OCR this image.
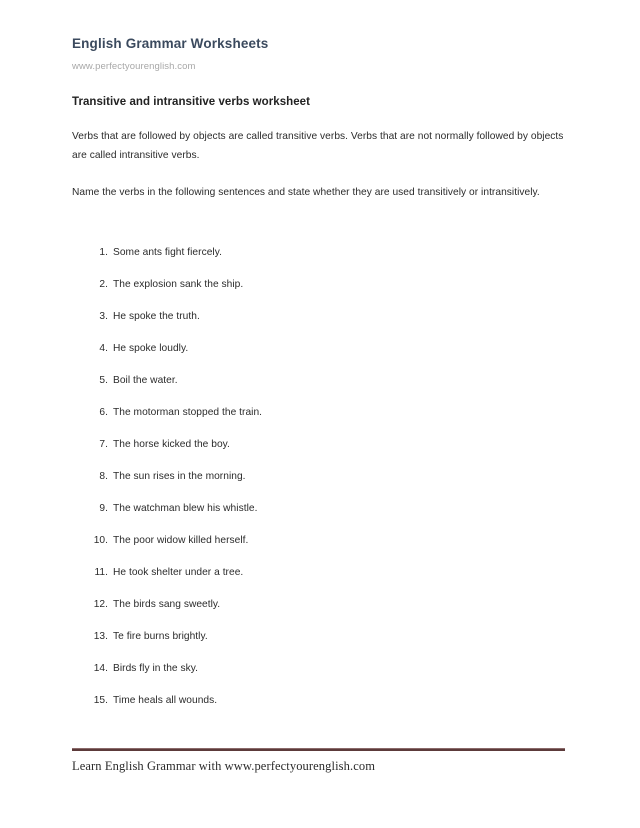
English Grammar Worksheets

www.perfectyourenglish.com

Transitive and intransitive verbs worksheet

Verbs that are followed by objects are called transitive verbs. Verbs that are not normally followed by objects are called intransitive verbs.

Name the verbs in the following sentences and state whether they are used transitively or intransitively.

1. Some ants fight fiercely.
2. The explosion sank the ship.
3. He spoke the truth.
4. He spoke loudly.
5. Boil the water.
6. The motorman stopped the train.
7. The horse kicked the boy.
8. The sun rises in the morning.
9. The watchman blew his whistle.
10. The poor widow killed herself.
11. He took shelter under a tree.
12. The birds sang sweetly.
13. Te fire burns brightly.
14. Birds fly in the sky.
15. Time heals all wounds.

Learn English Grammar with www.perfectyourenglish.com
